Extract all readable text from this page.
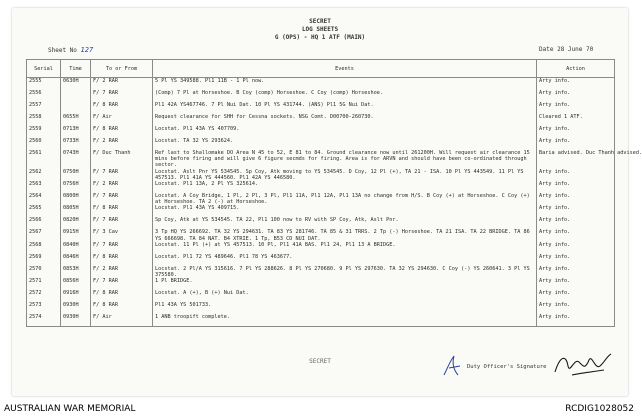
SECRET
LOG SHEETS
G (OPS) - HQ 1 ATF (MAIN)
Sheet No 127	Date 28 June 70
Serial	Time	To or From	Events	Action
2555	0630H	F/ 2 RAR	5 Pl YS 349588. Pl1 11B - 1 Pl now.	Arty info.
2556		F/ 7 RAR	(Comp) 7 Pl at Horseshoe. B Coy (comp) Horseshoe. C Coy (comp) Horseshoe.	Arty info.
2557		F/ 8 RAR	Pl1 42A YS467746. 7 Pl Nui Dat. 10 Pl YS 431744. (ANS) Pl1 5G Nui Dat.	Arty info.
2558	0655H	F/ Air	Request clearance for SHH for Cessna sockets. NSG Comt. D00700-260730.	Cleared 1 ATF.
2559	0713H	F/ 8 RAR	Locstat. Pl1 43A YS 407709.	Arty info.
2560	0733H	F/ 2 RAR	Locstat. TA 32 YS 293624.	Arty info.
2561	0743H	F/ Duc Thanh	Ref last to Shallomake DO Area N 45 to 52, E 81 to 84. Ground clearance now until 261200H. Will request air clearance 15 mins before firing and will give 6 figure secmds for firing. Area is for ARVN and should have been co-ordinated through sector.	Baria advised. Duc Thanh advised.
2562	0750H	F/ 7 RAR	Locstat. Aslt Pnr YS 534545. Sp Coy, Atk moving to YS 534545. D Coy, 12 Pl (+), TA 21 - ISA. 10 Pl YS 443549. 11 Pl YS 457513. Pl1 41A YS 444560. Pl1 42A YS 446580.	Arty info.
2563	0756H	F/ 2 RAR	Locstat. Pl1 13A, 2 Pl YS 325614.	Arty info.
2564	0800H	F/ 7 RAR	Locstat. A Coy Bridge, 1 Pl, 2 Pl, 3 Pl, Pl1 11A, Pl1 12A, Pl1 13A no change from H/S. B Coy (+) at Horseshoe. C Coy (+) at Horseshoe. TA 2 (-) at Horseshoe.	Arty info.
2565	0805H	F/ 8 RAR	Locstat. Pl1 43A YS 409715.	Arty info.
2566	0820H	F/ 7 RAR	Sp Coy, Atk at YS 534545. TA 22, Pl1 100 now to RV with SP Coy, Atk, Aslt Pnr.	Arty info.
2567	0915H	F/ 3 Cav	3 Tp HQ YS 266692. TA 32 YS 294631. TA 83 YS 281746. TA 85 & 31 TRRS. 2 Tp (-) Horseshoe. TA 21 ISA. TA 22 BRIDGE. TA 86 YS 666698. TA 84 NAT. B4 XTRIE. 1 Tp, B53 CD NUI DAT.	Arty info.
2568	0840H	F/ 7 RAR	Locstat. 11 Pl (+) at YS 457513. 10 Pl, Pl1 41A BAS. Pl1 24, Pl1 13 A BRIDGE.	Arty info.
2569	0846H	F/ 8 RAR	Locstat. Pl1 72 YS 489646. Pl1 78 YS 463677.	Arty info.
2570	0853H	F/ 2 RAR	Locstat. 2 Pl/A YS 315616. 7 Pl YS 288626. 8 Pl YS 270680. 9 Pl YS 297630. TA 32 YS 294630. C Coy (-) YS 260641. 3 Pl YS 375580.	Arty info.
2571	0856H	F/ 7 RAR	1 Pl BRIDGE.	Arty info.
2572	0916H	F/ 8 RAR	Locstat. A (+), B (+) Nui Dat.	Arty info.
2573	0930H	F/ 8 RAR	Pl1 43A YS 501733.	Arty info.
2574	0930H	F/ Air	1 ANB troopift complete.	Arty info.
SECRET
Duty Officer's Signature
AUSTRALIAN WAR MEMORIAL	RCDIG1028052
